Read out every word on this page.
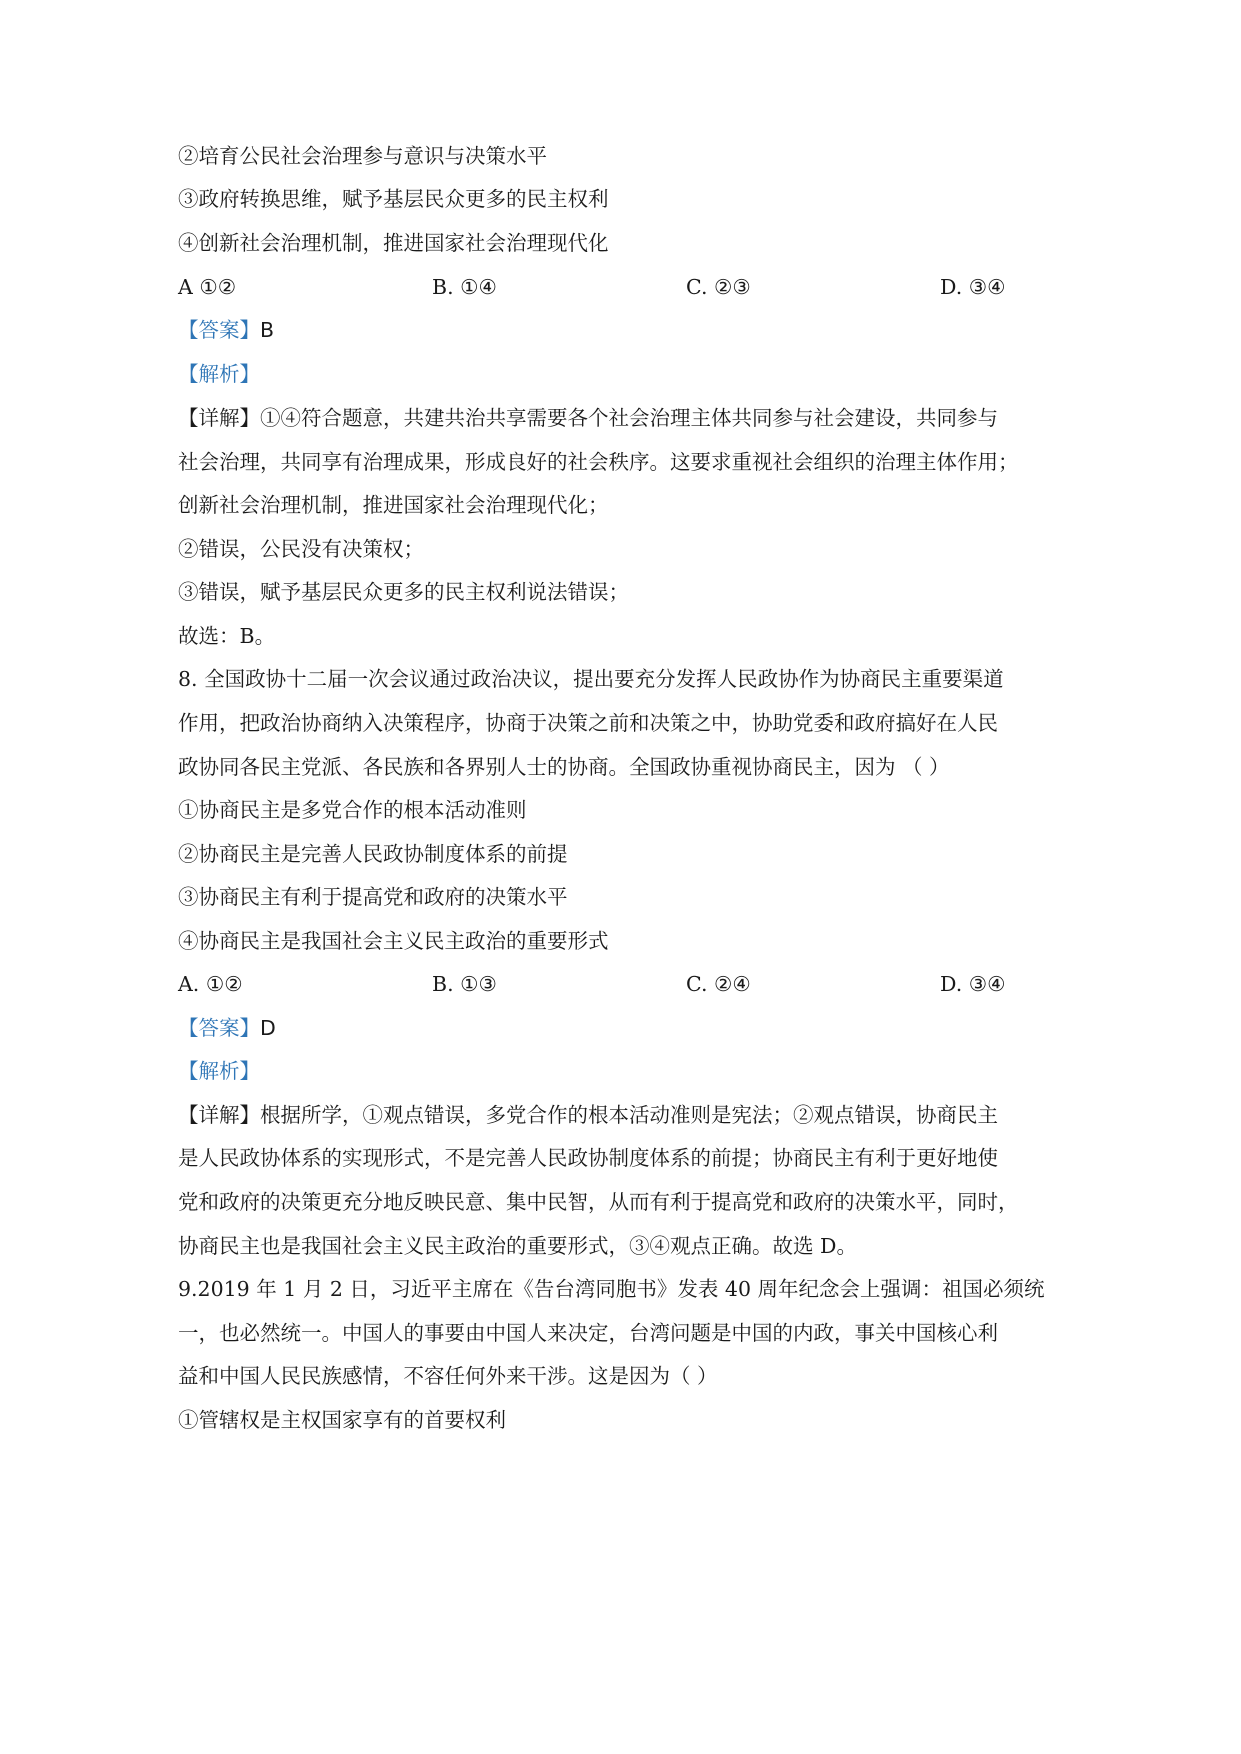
②培育公民社会治理参与意识与决策水平
③政府转换思维，赋予基层民众更多的民主权利
④创新社会治理机制，推进国家社会治理现代化
A ①②	B. ①④	C. ②③	D. ③④
【答案】B
【解析】
【详解】①④符合题意，共建共治共享需要各个社会治理主体共同参与社会建设，共同参与
社会治理，共同享有治理成果，形成良好的社会秩序。这要求重视社会组织的治理主体作用；
创新社会治理机制，推进国家社会治理现代化；
②错误，公民没有决策权；
③错误，赋予基层民众更多的民主权利说法错误；
故选：B。
8. 全国政协十二届一次会议通过政治决议，提出要充分发挥人民政协作为协商民主重要渠道
作用，把政治协商纳入决策程序，协商于决策之前和决策之中，协助党委和政府搞好在人民
政协同各民主党派、各民族和各界别人士的协商。全国政协重视协商民主，因为 （ ）
①协商民主是多党合作的根本活动准则
②协商民主是完善人民政协制度体系的前提
③协商民主有利于提高党和政府的决策水平
④协商民主是我国社会主义民主政治的重要形式
A. ①②	B. ①③	C. ②④	D. ③④
【答案】D
【解析】
【详解】根据所学，①观点错误，多党合作的根本活动准则是宪法；②观点错误，协商民主
是人民政协体系的实现形式，不是完善人民政协制度体系的前提；协商民主有利于更好地使
党和政府的决策更充分地反映民意、集中民智，从而有利于提高党和政府的决策水平，同时，
协商民主也是我国社会主义民主政治的重要形式，③④观点正确。故选 D。
9.2019 年 1 月 2 日，习近平主席在《告台湾同胞书》发表 40 周年纪念会上强调：祖国必须统
一，也必然统一。中国人的事要由中国人来决定，台湾问题是中国的内政，事关中国核心利
益和中国人民民族感情，不容任何外来干涉。这是因为（ ）
①管辖权是主权国家享有的首要权利
